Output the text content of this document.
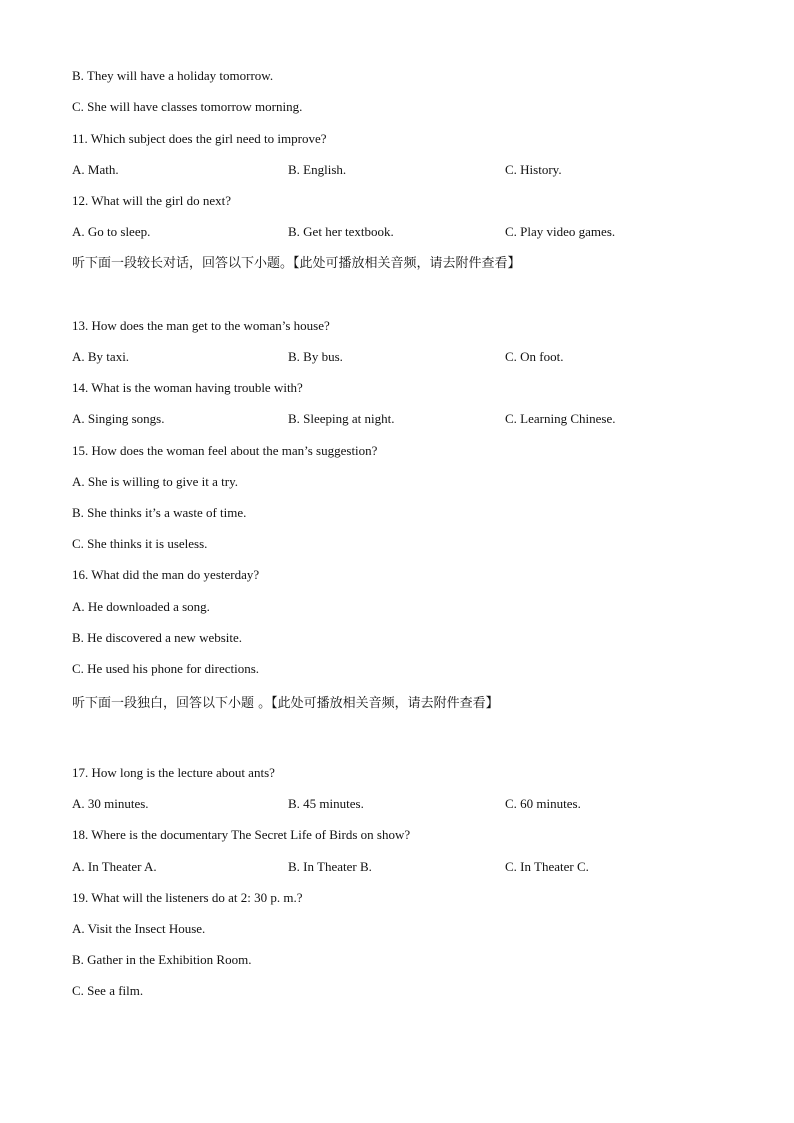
B. They will have a holiday tomorrow.
C. She will have classes tomorrow morning.
11. Which subject does the girl need to improve?
A. Math.	B. English.	C. History.
12. What will the girl do next?
A. Go to sleep.	B. Get her textbook.	C. Play video games.
听下面一段较长对话，回答以下小题。【此处可播放相关音频，请去附件查看】
13. How does the man get to the woman’s house?
A. By taxi.	B. By bus.	C. On foot.
14. What is the woman having trouble with?
A. Singing songs.	B. Sleeping at night.	C. Learning Chinese.
15. How does the woman feel about the man’s suggestion?
A. She is willing to give it a try.
B. She thinks it’s a waste of time.
C. She thinks it is useless.
16. What did the man do yesterday?
A. He downloaded a song.
B. He discovered a new website.
C. He used his phone for directions.
听下面一段独白，回答以下小题 。【此处可播放相关音频，请去附件查看】
17. How long is the lecture about ants?
A. 30 minutes.	B. 45 minutes.	C. 60 minutes.
18. Where is the documentary The Secret Life of Birds on show?
A. In Theater A.	B. In Theater B.	C. In Theater C.
19. What will the listeners do at 2: 30 p. m.?
A. Visit the Insect House.
B. Gather in the Exhibition Room.
C. See a film.
